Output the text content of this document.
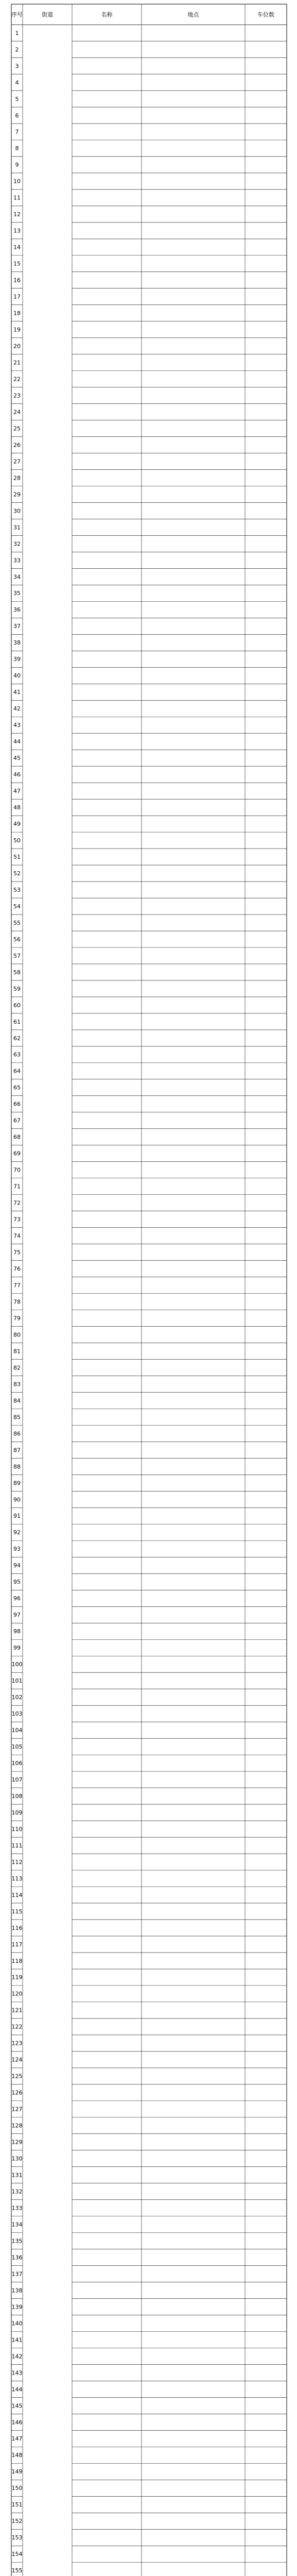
序号	街道	名称	地点	车位数
1
2
3
4
5
6
7
8
9
10
11
12
13
14
15
16
17
18
19
20
21
22
23
24
25
26
27
28
29
30
31
32
33
34
35
36
37
38
39
40
41
42
43
44
45
46
47
48
49
50
51
52
53
54
55
56
57
58
59
60
61
62
63
64
65
66
67
68
69
70
71
72
73
74
75
76
77
78
79
80
81
82
83
84
85
86
87
88
89
90
91
92
93
94
95
96
97
98
99
100
101
102
103
104
105
106
107
108
109
110
111
112
113
114
115
116
117
118
119
120
121
122
123
124
125
126
127
128
129
130
131
132
133
134
135
136
137
138
139
140
141
142
143
144
145
146
147
148
149
150
151
152
153
154
155
